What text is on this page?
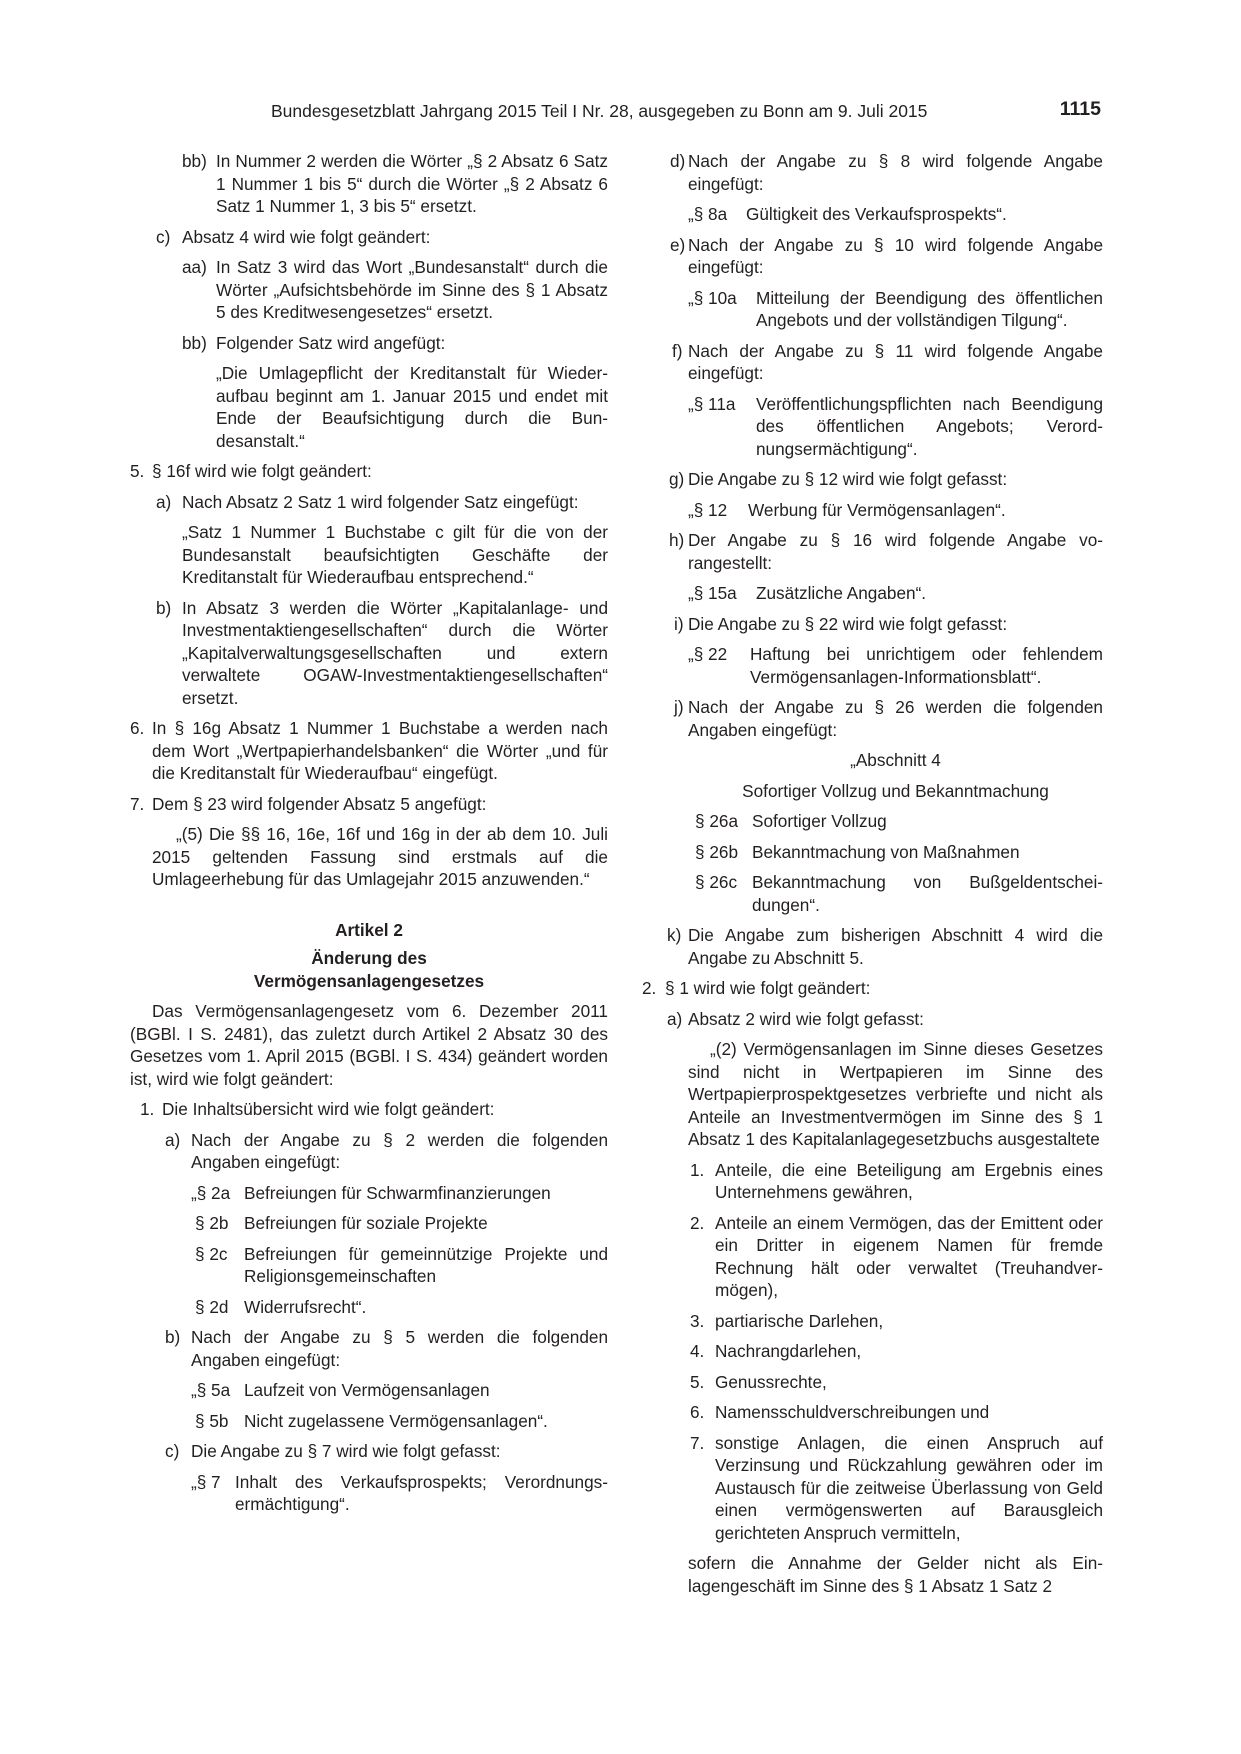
Bundesgesetzblatt Jahrgang 2015 Teil I Nr. 28, ausgegeben zu Bonn am 9. Juli 2015	1115
bb) In Nummer 2 werden die Wörter „§ 2 Absatz 6 Satz 1 Nummer 1 bis 5“ durch die Wörter „§ 2 Absatz 6 Satz 1 Nummer 1, 3 bis 5“ ersetzt.
c) Absatz 4 wird wie folgt geändert:
aa) In Satz 3 wird das Wort „Bundesanstalt“ durch die Wörter „Aufsichtsbehörde im Sinne des § 1 Absatz 5 des Kreditwesengesetzes“ ersetzt.
bb) Folgender Satz wird angefügt:
„Die Umlagepflicht der Kreditanstalt für Wiederaufbau beginnt am 1. Januar 2015 und endet mit Ende der Beaufsichtigung durch die Bundesanstalt.“
5. § 16f wird wie folgt geändert:
a) Nach Absatz 2 Satz 1 wird folgender Satz eingefügt:
„Satz 1 Nummer 1 Buchstabe c gilt für die von der Bundesanstalt beaufsichtigten Geschäfte der Kreditanstalt für Wiederaufbau entsprechend.“
b) In Absatz 3 werden die Wörter „Kapitalanlage- und Investmentaktiengesellschaften“ durch die Wörter „Kapitalverwaltungsgesellschaften und extern verwaltete OGAW-Investmentaktiengesellschaften“ ersetzt.
6. In § 16g Absatz 1 Nummer 1 Buchstabe a werden nach dem Wort „Wertpapierhandelsbanken“ die Wörter „und für die Kreditanstalt für Wiederaufbau“ eingefügt.
7. Dem § 23 wird folgender Absatz 5 angefügt:
„(5) Die §§ 16, 16e, 16f und 16g in der ab dem 10. Juli 2015 geltenden Fassung sind erstmals auf die Umlageerhebung für das Umlagejahr 2015 anzuwenden.“
Artikel 2
Änderung des
Vermögensanlagengesetzes
Das Vermögensanlagengesetz vom 6. Dezember 2011 (BGBl. I S. 2481), das zuletzt durch Artikel 2 Absatz 30 des Gesetzes vom 1. April 2015 (BGBl. I S. 434) geändert worden ist, wird wie folgt geändert:
1. Die Inhaltsübersicht wird wie folgt geändert:
a) Nach der Angabe zu § 2 werden die folgenden Angaben eingefügt:
„§ 2a Befreiungen für Schwarmfinanzierungen
§ 2b Befreiungen für soziale Projekte
§ 2c Befreiungen für gemeinnützige Projekte und Religionsgemeinschaften
§ 2d Widerrufsrecht“.
b) Nach der Angabe zu § 5 werden die folgenden Angaben eingefügt:
„§ 5a Laufzeit von Vermögensanlagen
§ 5b Nicht zugelassene Vermögensanlagen“.
c) Die Angabe zu § 7 wird wie folgt gefasst:
„§ 7 Inhalt des Verkaufsprospekts; Verordnungsermächtigung“.
d) Nach der Angabe zu § 8 wird folgende Angabe eingefügt:
„§ 8a	Gültigkeit des Verkaufsprospekts“.
e) Nach der Angabe zu § 10 wird folgende Angabe eingefügt:
„§ 10a	Mitteilung der Beendigung des öffentlichen Angebots und der vollständigen Tilgung“.
f) Nach der Angabe zu § 11 wird folgende Angabe eingefügt:
„§ 11a	Veröffentlichungspflichten nach Beendigung des öffentlichen Angebots; Verordnungsermächtigung“.
g) Die Angabe zu § 12 wird wie folgt gefasst:
„§ 12	Werbung für Vermögensanlagen“.
h) Der Angabe zu § 16 wird folgende Angabe vorangestellt:
„§ 15a	Zusätzliche Angaben“.
i) Die Angabe zu § 22 wird wie folgt gefasst:
„§ 22	Haftung bei unrichtigem oder fehlendem Vermögensanlagen-Informationsblatt“.
j) Nach der Angabe zu § 26 werden die folgenden Angaben eingefügt:
„Abschnitt 4
Sofortiger Vollzug und Bekanntmachung
§ 26a Sofortiger Vollzug
§ 26b Bekanntmachung von Maßnahmen
§ 26c Bekanntmachung von Bußgeldentscheidungen“.
k) Die Angabe zum bisherigen Abschnitt 4 wird die Angabe zu Abschnitt 5.
2. § 1 wird wie folgt geändert:
a) Absatz 2 wird wie folgt gefasst:
„(2) Vermögensanlagen im Sinne dieses Gesetzes sind nicht in Wertpapieren im Sinne des Wertpapierprospektgesetzes verbriefte und nicht als Anteile an Investmentvermögen im Sinne des § 1 Absatz 1 des Kapitalanlagegesetzbuchs ausgestaltete
1. Anteile, die eine Beteiligung am Ergebnis eines Unternehmens gewähren,
2. Anteile an einem Vermögen, das der Emittent oder ein Dritter in eigenem Namen für fremde Rechnung hält oder verwaltet (Treuhandvermögen),
3. partiarische Darlehen,
4. Nachrangdarlehen,
5. Genussrechte,
6. Namensschuldverschreibungen und
7. sonstige Anlagen, die einen Anspruch auf Verzinsung und Rückzahlung gewähren oder im Austausch für die zeitweise Überlassung von Geld einen vermögenswerten auf Barausgleich gerichteten Anspruch vermitteln,
sofern die Annahme der Gelder nicht als Einlagengeschäft im Sinne des § 1 Absatz 1 Satz 2
